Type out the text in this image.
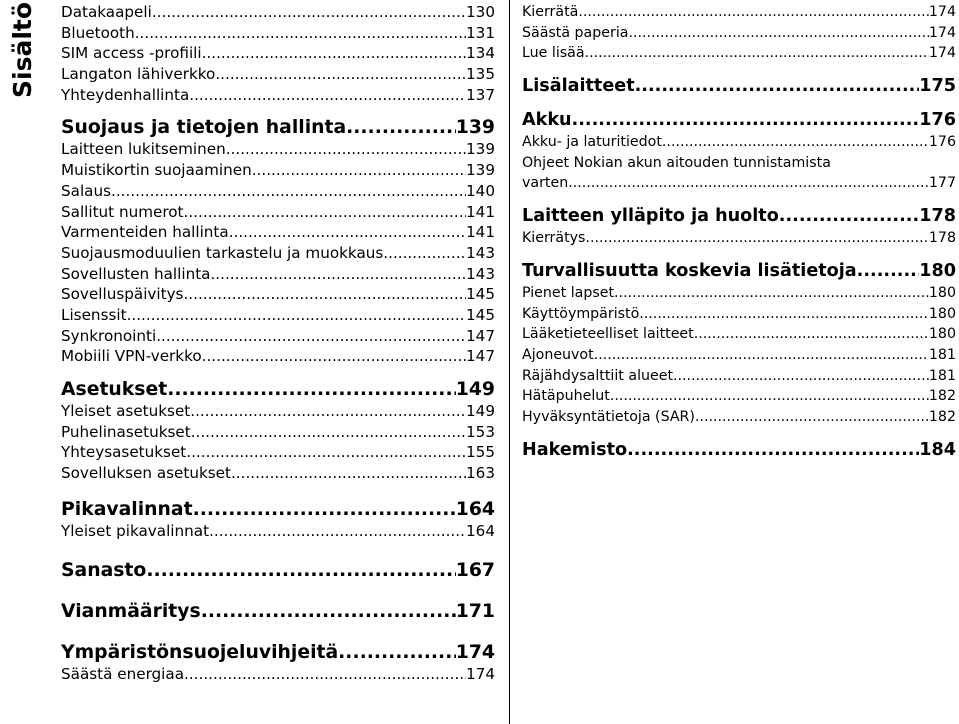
Sisältö Datakaapeli .....	130
Bluetooth .....	131
SIM access -profiili .....	134
Langaton lähiverkko .....	135
Yhteydenhallinta .....	137
Suojaus ja tietojen hallinta .....	139
Laitteen lukitseminen .....	139
Muistikortin suojaaminen .....	139
Salaus .....	140
Sallitut numerot .....	141
Varmenteiden hallinta .....	141
Suojausmoduulien tarkastelu ja muokkaus .....	143
Sovellusten hallinta .....	143
Sovelluspäivitys .....	145
Lisenssit .....	145
Synkronointi .....	147
Mobiili VPN-verkko .....	147
Asetukset .....	149
Yleiset asetukset .....	149
Puhelinasetukset .....	153
Yhteysasetukset .....	155
Sovelluksen asetukset .....	163
Pikavalinnat .....	164
Yleiset pikavalinnat .....	164
Sanasto .....	167
Vianmääritys .....	171
Ympäristönsuojeluvihjeitä .....	174
Säästä energiaa .....	174
Kierrätä .....	174
Säästä paperia .....	174
Lue lisää .....	174
Lisälaitteet .....	175
Akku .....	176
Akku- ja laturitiedot .....	176
Ohjeet Nokian akun aitouden tunnistamista
varten .....	177
Laitteen ylläpito ja huolto .....	178
Kierrätys .....	178
Turvallisuutta koskevia lisätietoja .....	180
Pienet lapset .....	180
Käyttöympäristö .....	180
Lääketieteelliset laitteet .....	180
Ajoneuvot .....	181
Räjähdysalttiit alueet .....	181
Hätäpuhelut .....	182
Hyväksyntätietoja (SAR) .....	182
Hakemisto .....	184
